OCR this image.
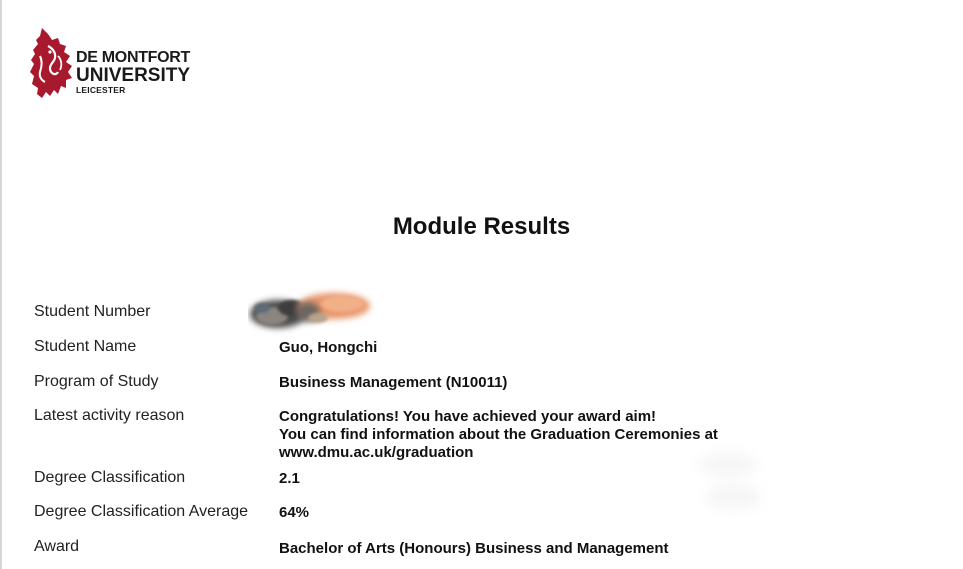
DE MONTFORT
UNIVERSITY
LEICESTER
Module Results
Student Number
Student Name	Guo, Hongchi
Program of Study	Business Management (N10011)
Latest activity reason	Congratulations! You have achieved your award aim!
You can find information about the Graduation Ceremonies at
www.dmu.ac.uk/graduation
Degree Classification	2.1
Degree Classification Average 64%
Award	Bachelor of Arts (Honours) Business and Management
